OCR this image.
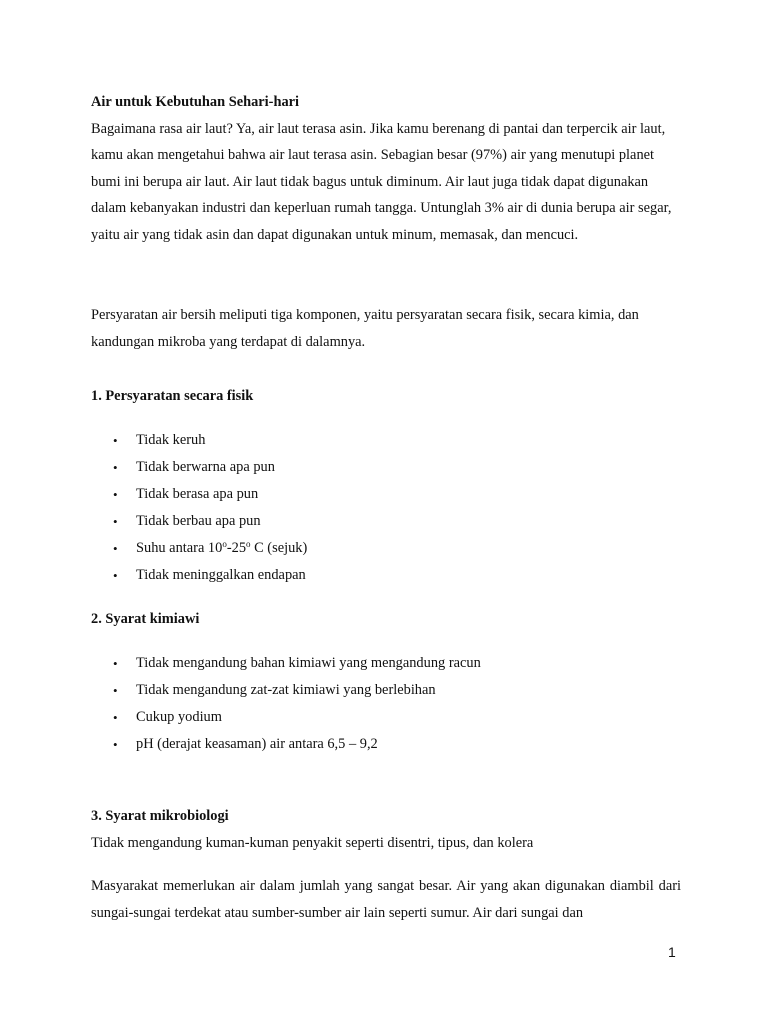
Air untuk Kebutuhan Sehari-hari

Bagaimana rasa air laut? Ya, air laut terasa asin. Jika kamu berenang di pantai dan terpercik air laut, kamu akan mengetahui bahwa air laut terasa asin. Sebagian besar (97%) air yang menutupi planet bumi ini berupa air laut. Air laut tidak bagus untuk diminum. Air laut juga tidak dapat digunakan dalam kebanyakan industri dan keperluan rumah tangga. Untunglah 3% air di dunia berupa air segar, yaitu air yang tidak asin dan dapat digunakan untuk minum, memasak, dan mencuci.

Persyaratan air bersih meliputi tiga komponen, yaitu persyaratan secara fisik, secara kimia, dan kandungan mikroba yang terdapat di dalamnya.

1. Persyaratan secara fisik

• Tidak keruh
• Tidak berwarna apa pun
• Tidak berasa apa pun
• Tidak berbau apa pun
• Suhu antara 10$^o$-25$^o$ C (sejuk)
• Tidak meninggalkan endapan

2. Syarat kimiawi

• Tidak mengandung bahan kimiawi yang mengandung racun
• Tidak mengandung zat-zat kimiawi yang berlebihan
• Cukup yodium
• pH (derajat keasaman) air antara 6,5 – 9,2

3. Syarat mikrobiologi

Tidak mengandung kuman-kuman penyakit seperti disentri, tipus, dan kolera

Masyarakat memerlukan air dalam jumlah yang sangat besar. Air yang akan digunakan diambil dari sungai-sungai terdekat atau sumber-sumber air lain seperti sumur. Air dari sungai dan

1
